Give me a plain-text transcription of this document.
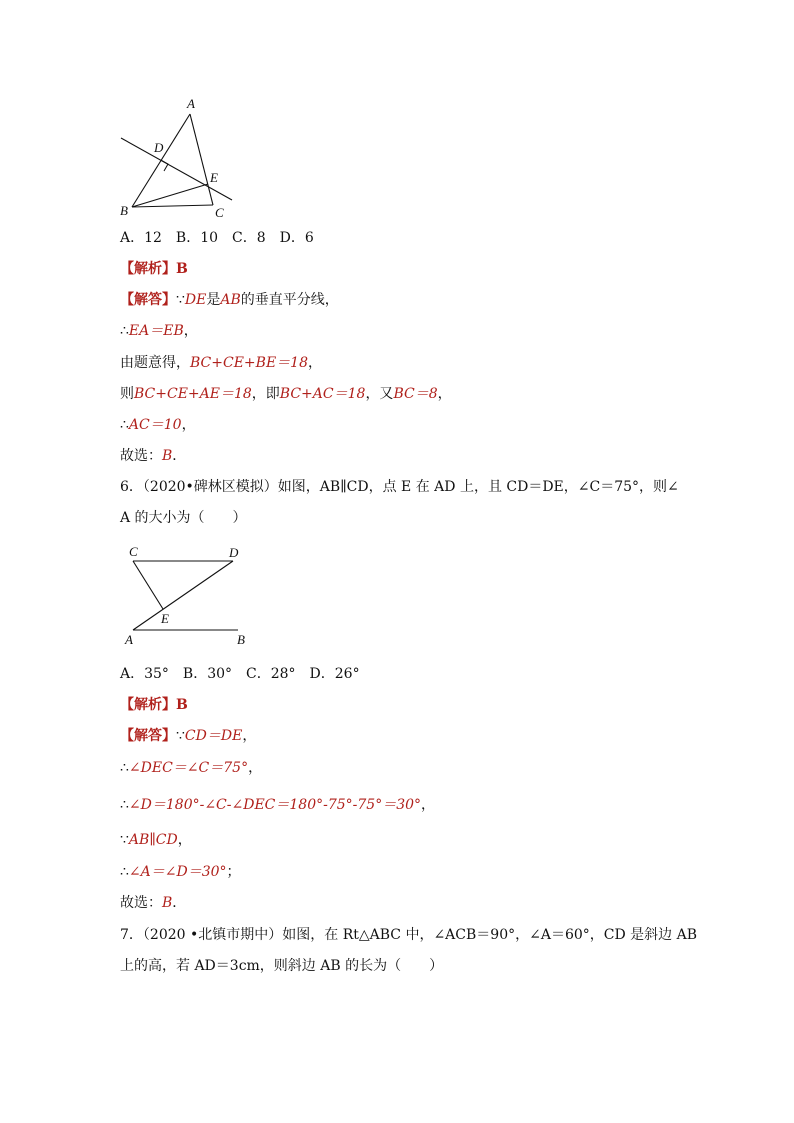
A
D
E
B	C
A．12　B．10　C．8　D．6
【解析】B
【解答】∵DE是AB的垂直平分线，
∴EA＝EB，
由题意得，BC+CE+BE＝18，
则BC+CE+AE＝18，即BC+AC＝18，又BC＝8，
∴AC＝10，
故选：B．
6．（2020•碑林区模拟）如图，AB∥CD，点 E 在 AD 上，且 CD＝DE，∠C＝75°，则∠
A 的大小为（　　）
C	D
E
A	B
A．35°　B．30°　C．28°　D．26°
【解析】B
【解答】∵CD＝DE，
∴∠DEC＝∠C＝75°，
∴∠D＝180°-∠C-∠DEC＝180°-75°-75°＝30°，
∵AB∥CD，
∴∠A＝∠D＝30°；
故选：B．
7．（2020 •北镇市期中）如图，在 Rt△ABC 中，∠ACB＝90°，∠A＝60°，CD 是斜边 AB
上的高，若 AD＝3cm，则斜边 AB 的长为（　　）
